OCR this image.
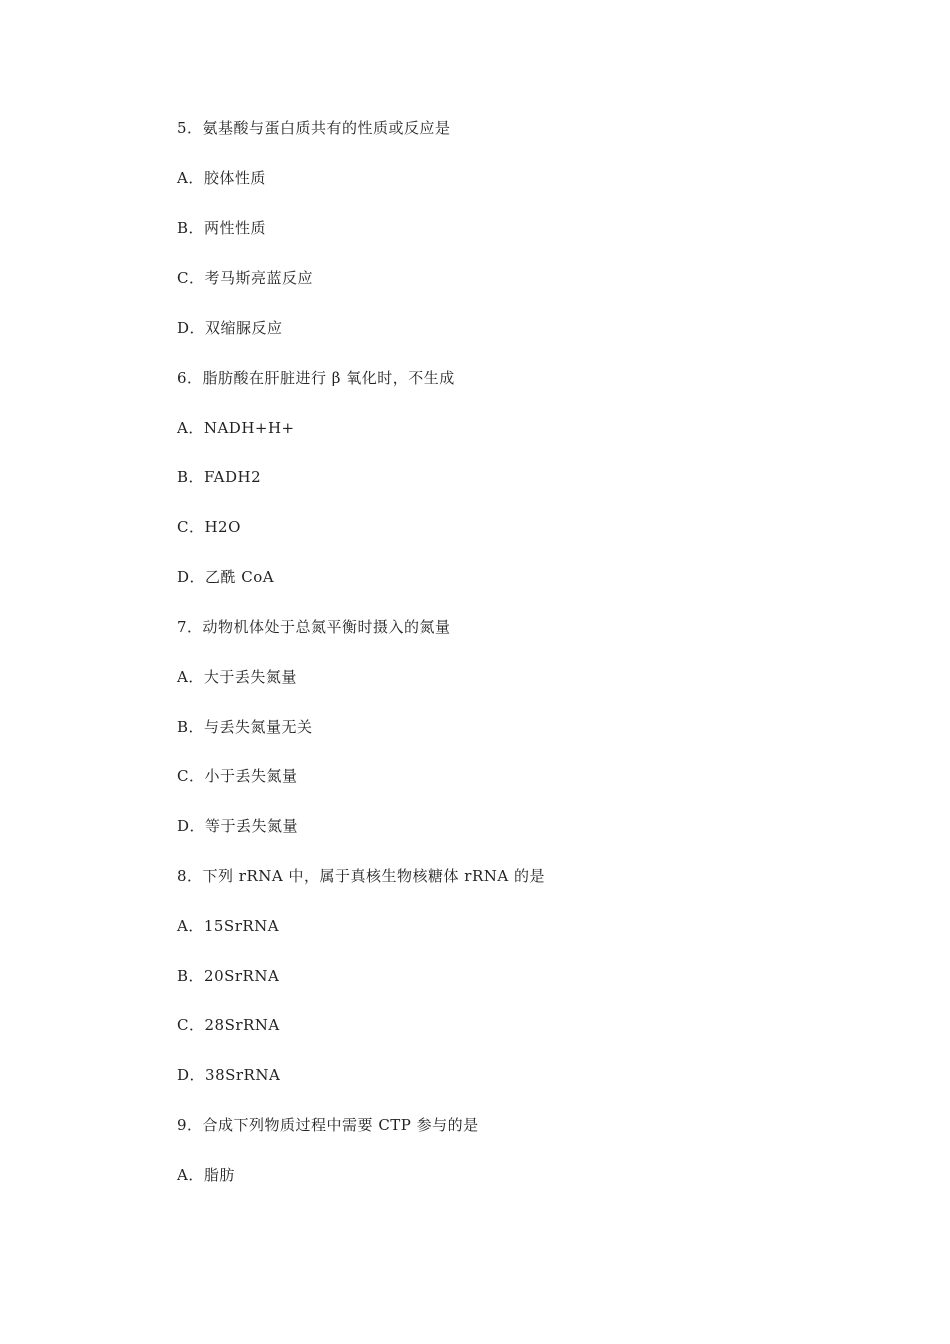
5．氨基酸与蛋白质共有的性质或反应是
A．胶体性质
B．两性性质
C．考马斯亮蓝反应
D．双缩脲反应
6．脂肪酸在肝脏进行 β 氧化时，不生成
A．NADH+H+
B．FADH2
C．H2O
D．乙酰 CoA
7．动物机体处于总氮平衡时摄入的氮量
A．大于丢失氮量
B．与丢失氮量无关
C．小于丢失氮量
D．等于丢失氮量
8．下列 rRNA 中，属于真核生物核糖体 rRNA 的是
A．15SrRNA
B．20SrRNA
C．28SrRNA
D．38SrRNA
9．合成下列物质过程中需要 CTP 参与的是
A．脂肪
